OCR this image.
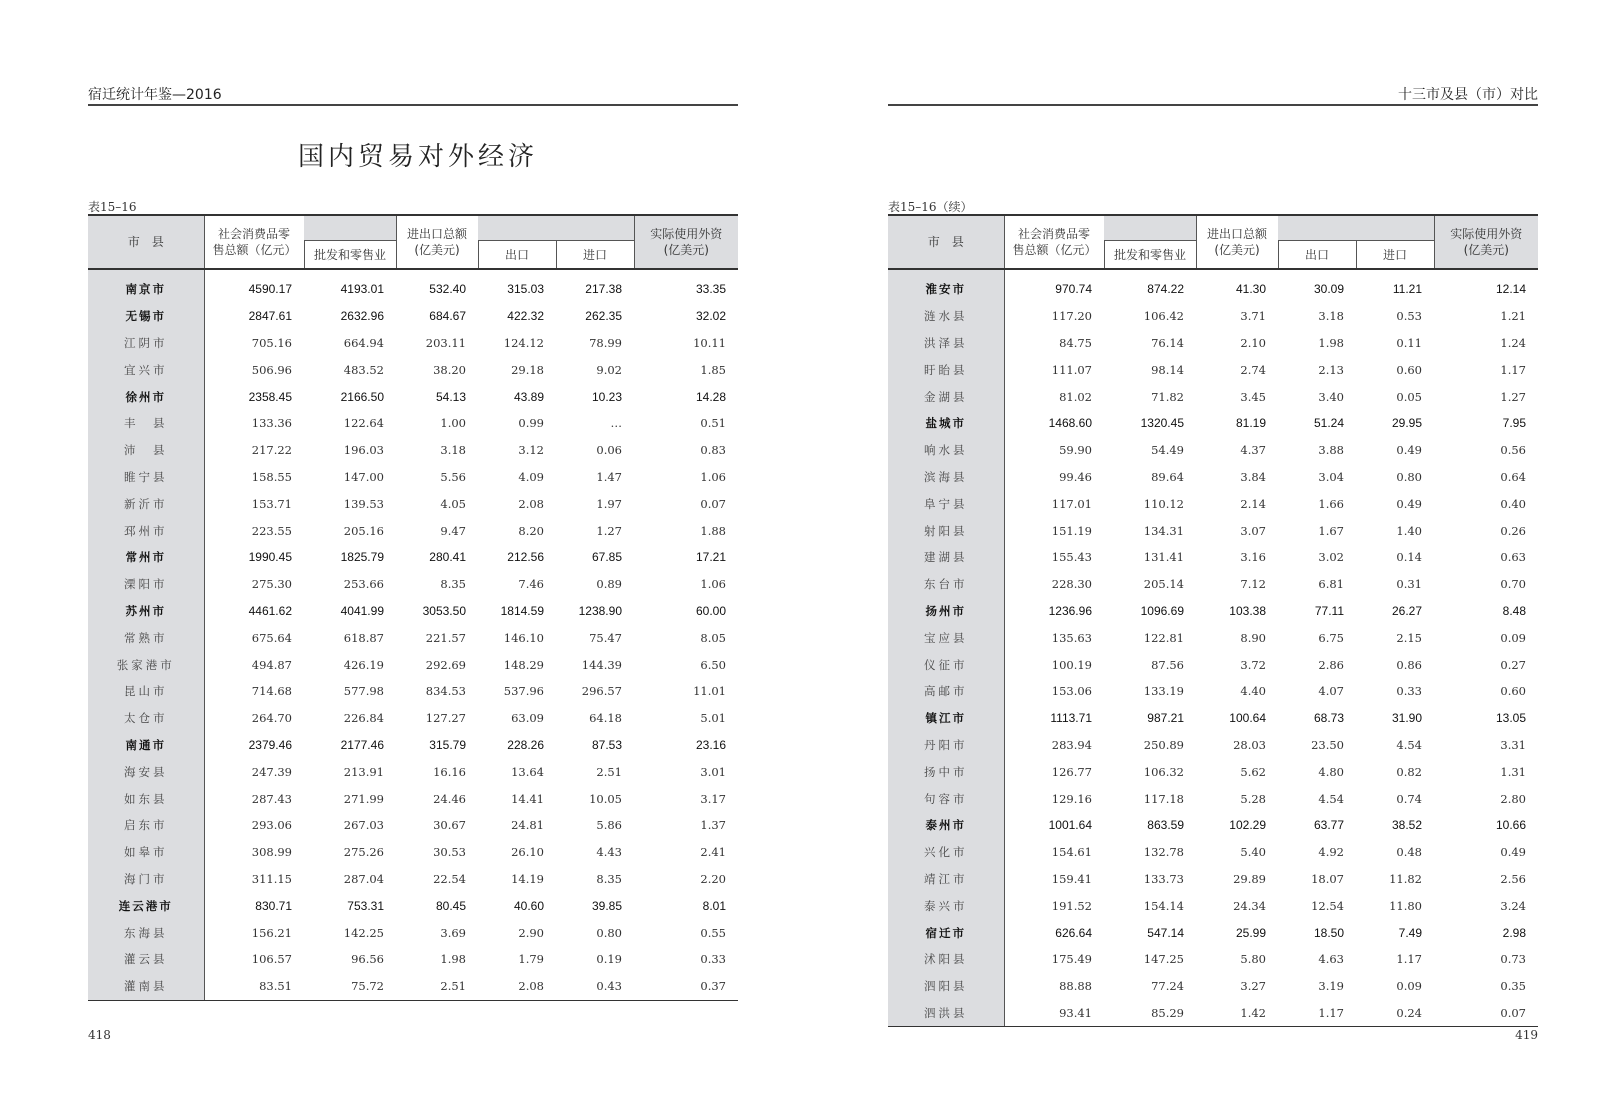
宿迁统计年鉴—2016
国内贸易对外经济
表15–16
市　县	社会消费品零售总额（亿元）		进出口总额(亿美元)			实际使用外资(亿美元)
		批发和零售业		出口	进口	

南京市	4590.17	4193.01	532.40	315.03	217.38	33.35
无锡市	2847.61	2632.96	684.67	422.32	262.35	32.02
江阴市	705.16	664.94	203.11	124.12	78.99	10.11
宜兴市	506.96	483.52	38.20	29.18	9.02	1.85
徐州市	2358.45	2166.50	54.13	43.89	10.23	14.28
丰　县	133.36	122.64	1.00	0.99	…	0.51
沛　县	217.22	196.03	3.18	3.12	0.06	0.83
睢宁县	158.55	147.00	5.56	4.09	1.47	1.06
新沂市	153.71	139.53	4.05	2.08	1.97	0.07
邳州市	223.55	205.16	9.47	8.20	1.27	1.88
常州市	1990.45	1825.79	280.41	212.56	67.85	17.21
溧阳市	275.30	253.66	8.35	7.46	0.89	1.06
苏州市	4461.62	4041.99	3053.50	1814.59	1238.90	60.00
常熟市	675.64	618.87	221.57	146.10	75.47	8.05
张家港市	494.87	426.19	292.69	148.29	144.39	6.50
昆山市	714.68	577.98	834.53	537.96	296.57	11.01
太仓市	264.70	226.84	127.27	63.09	64.18	5.01
南通市	2379.46	2177.46	315.79	228.26	87.53	23.16
海安县	247.39	213.91	16.16	13.64	2.51	3.01
如东县	287.43	271.99	24.46	14.41	10.05	3.17
启东市	293.06	267.03	30.67	24.81	5.86	1.37
如皋市	308.99	275.26	30.53	26.10	4.43	2.41
海门市	311.15	287.04	22.54	14.19	8.35	2.20
连云港市	830.71	753.31	80.45	40.60	39.85	8.01
东海县	156.21	142.25	3.69	2.90	0.80	0.55
灌云县	106.57	96.56	1.98	1.79	0.19	0.33
灌南县	83.51	75.72	2.51	2.08	0.43	0.37
418
十三市及县（市）对比
表15–16（续）
市　县	社会消费品零售总额（亿元）		进出口总额(亿美元)			实际使用外资(亿美元)
		批发和零售业		出口	进口	

淮安市	970.74	874.22	41.30	30.09	11.21	12.14
涟水县	117.20	106.42	3.71	3.18	0.53	1.21
洪泽县	84.75	76.14	2.10	1.98	0.11	1.24
盱眙县	111.07	98.14	2.74	2.13	0.60	1.17
金湖县	81.02	71.82	3.45	3.40	0.05	1.27
盐城市	1468.60	1320.45	81.19	51.24	29.95	7.95
响水县	59.90	54.49	4.37	3.88	0.49	0.56
滨海县	99.46	89.64	3.84	3.04	0.80	0.64
阜宁县	117.01	110.12	2.14	1.66	0.49	0.40
射阳县	151.19	134.31	3.07	1.67	1.40	0.26
建湖县	155.43	131.41	3.16	3.02	0.14	0.63
东台市	228.30	205.14	7.12	6.81	0.31	0.70
扬州市	1236.96	1096.69	103.38	77.11	26.27	8.48
宝应县	135.63	122.81	8.90	6.75	2.15	0.09
仪征市	100.19	87.56	3.72	2.86	0.86	0.27
高邮市	153.06	133.19	4.40	4.07	0.33	0.60
镇江市	1113.71	987.21	100.64	68.73	31.90	13.05
丹阳市	283.94	250.89	28.03	23.50	4.54	3.31
扬中市	126.77	106.32	5.62	4.80	0.82	1.31
句容市	129.16	117.18	5.28	4.54	0.74	2.80
泰州市	1001.64	863.59	102.29	63.77	38.52	10.66
兴化市	154.61	132.78	5.40	4.92	0.48	0.49
靖江市	159.41	133.73	29.89	18.07	11.82	2.56
泰兴市	191.52	154.14	24.34	12.54	11.80	3.24
宿迁市	626.64	547.14	25.99	18.50	7.49	2.98
沭阳县	175.49	147.25	5.80	4.63	1.17	0.73
泗阳县	88.88	77.24	3.27	3.19	0.09	0.35
泗洪县	93.41	85.29	1.42	1.17	0.24	0.07
419
